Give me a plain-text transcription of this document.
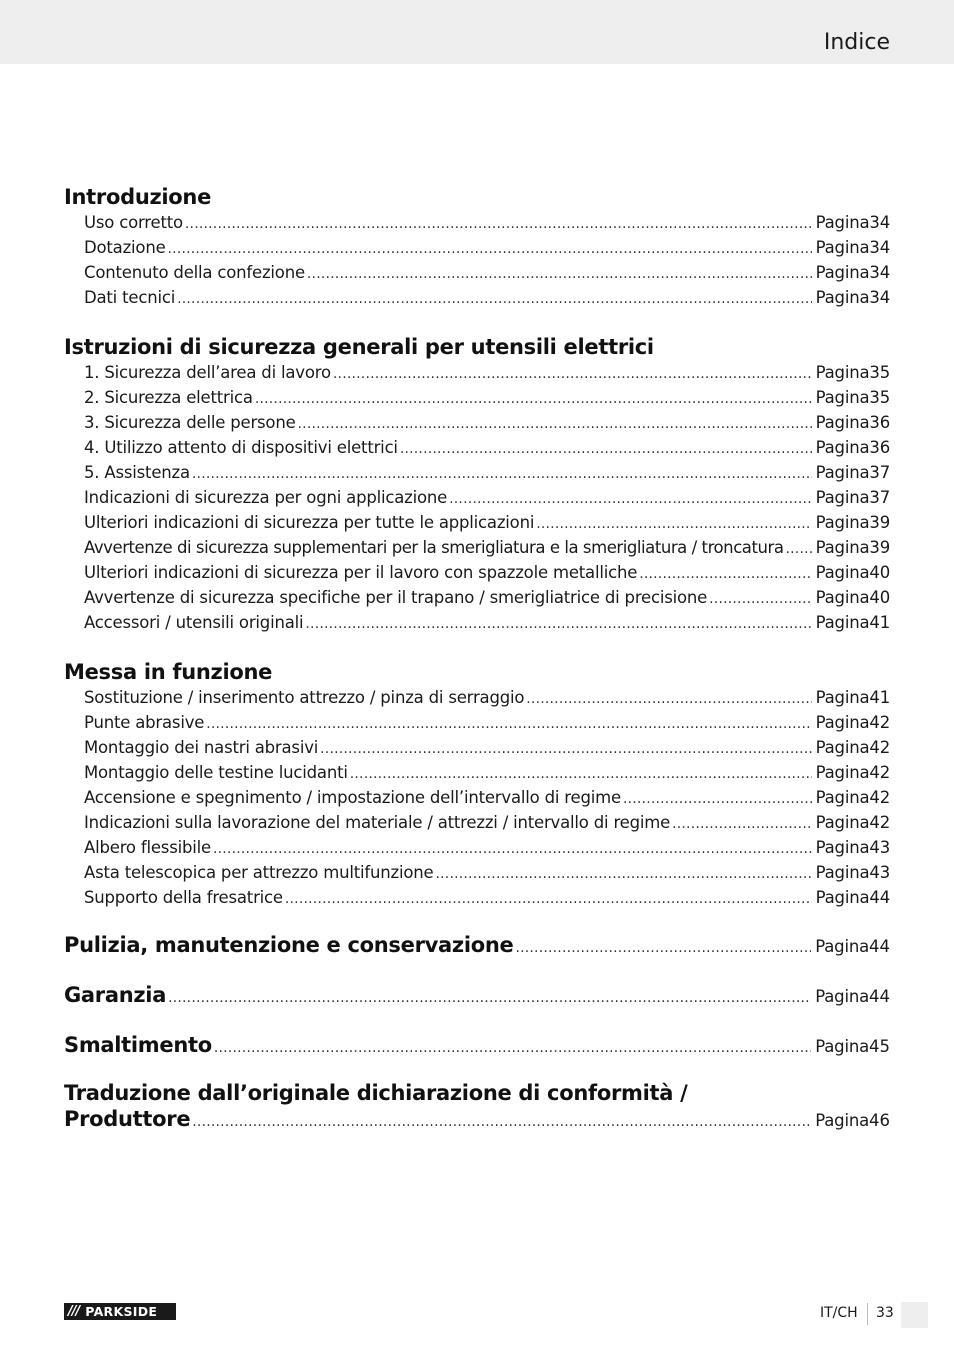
Indice
Introduzione
Uso corretto .....	Pagina 34
Dotazione .....	Pagina 34
Contenuto della confezione .....	Pagina 34
Dati tecnici .....	Pagina 34
Istruzioni di sicurezza generali per utensili elettrici
1. Sicurezza dell’area di lavoro .....	Pagina 35
2. Sicurezza elettrica .....	Pagina 35
3. Sicurezza delle persone .....	Pagina 36
4. Utilizzo attento di dispositivi elettrici .....	Pagina 36
5. Assistenza .....	Pagina 37
Indicazioni di sicurezza per ogni applicazione .....	Pagina 37
Ulteriori indicazioni di sicurezza per tutte le applicazioni .....	Pagina 39
Avvertenze di sicurezza supplementari per la smerigliatura e la smerigliatura / troncatura ..... Pagina 39
Ulteriori indicazioni di sicurezza per il lavoro con spazzole metalliche .....	Pagina 40
Avvertenze di sicurezza specifiche per il trapano / smerigliatrice di precisione .....	Pagina 40
Accessori / utensili originali .....	Pagina 41
Messa in funzione
Sostituzione / inserimento attrezzo / pinza di serraggio .....	Pagina 41
Punte abrasive .....	Pagina 42
Montaggio dei nastri abrasivi .....	Pagina 42
Montaggio delle testine lucidanti .....	Pagina 42
Accensione e spegnimento / impostazione dell’intervallo di regime .....	Pagina 42
Indicazioni sulla lavorazione del materiale / attrezzi / intervallo di regime .....	Pagina 42
Albero flessibile .....	Pagina 43
Asta telescopica per attrezzo multifunzione .....	Pagina 43
Supporto della fresatrice .....	Pagina 44
Pulizia, manutenzione e conservazione .....	Pagina 44
Garanzia .....	Pagina 44
Smaltimento .....	Pagina 45
Traduzione dall’originale dichiarazione di conformità /
Produttore .....	Pagina 46
/// PARKSIDE	IT/CH 33
